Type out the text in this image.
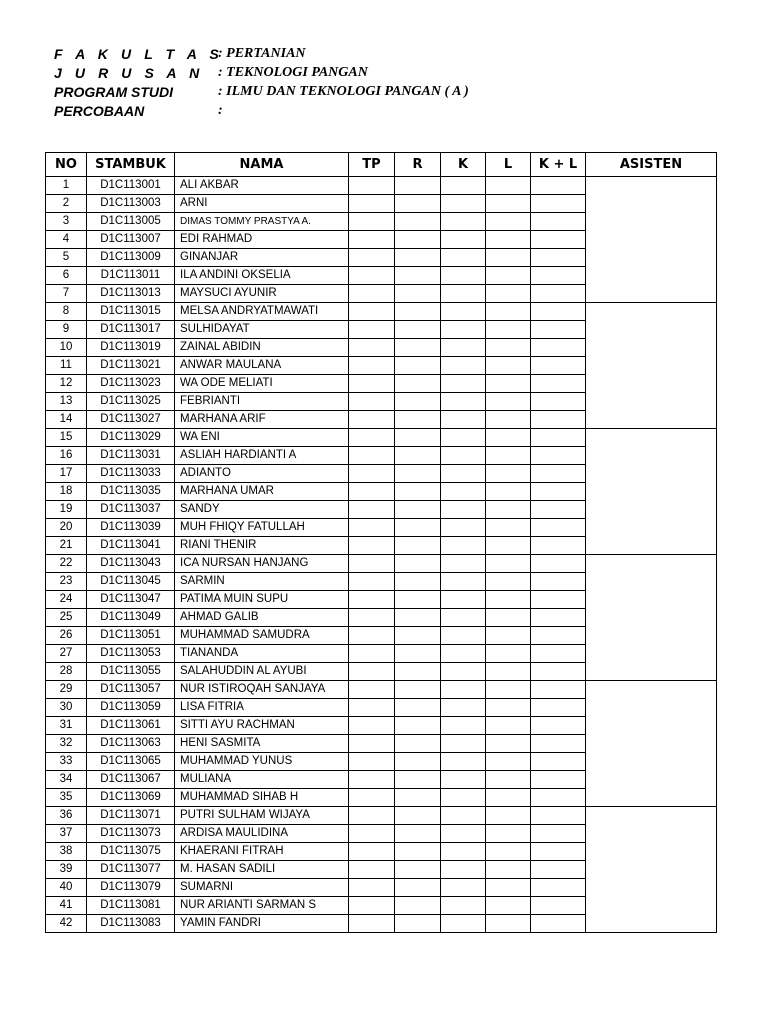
F A K U L T A S
: PERTANIAN
J U R U S A N	: TEKNOLOGI PANGAN
PROGRAM STUDI	: ILMU DAN TEKNOLOGI PANGAN ( A )
PERCOBAAN	:
NO	STAMBUK	NAMA	TP	R	K	L	K + L	ASISTEN
1	D1C113001	ALI AKBAR						
2	D1C113003	ARNI						
3	D1C113005	DIMAS TOMMY PRASTYA A.						
4	D1C113007	EDI RAHMAD						
5	D1C113009	GINANJAR						
6	D1C113011	ILA ANDINI OKSELIA						
7	D1C113013	MAYSUCI AYUNIR						
8	D1C113015	MELSA ANDRYATMAWATI						
9	D1C113017	SULHIDAYAT						
10	D1C113019	ZAINAL ABIDIN						
11	D1C113021	ANWAR MAULANA						
12	D1C113023	WA ODE MELIATI						
13	D1C113025	FEBRIANTI						
14	D1C113027	MARHANA ARIF						
15	D1C113029	WA ENI						
16	D1C113031	ASLIAH HARDIANTI A						
17	D1C113033	ADIANTO						
18	D1C113035	MARHANA UMAR						
19	D1C113037	SANDY						
20	D1C113039	MUH FHIQY FATULLAH						
21	D1C113041	RIANI THENIR						
22	D1C113043	ICA NURSAN HANJANG						
23	D1C113045	SARMIN						
24	D1C113047	PATIMA MUIN SUPU						
25	D1C113049	AHMAD GALIB						
26	D1C113051	MUHAMMAD SAMUDRA						
27	D1C113053	TIANANDA						
28	D1C113055	SALAHUDDIN AL AYUBI						
29	D1C113057	NUR ISTIROQAH SANJAYA						
30	D1C113059	LISA FITRIA						
31	D1C113061	SITTI AYU RACHMAN						
32	D1C113063	HENI SASMITA						
33	D1C113065	MUHAMMAD YUNUS						
34	D1C113067	MULIANA						
35	D1C113069	MUHAMMAD SIHAB H						
36	D1C113071	PUTRI SULHAM WIJAYA						
37	D1C113073	ARDISA MAULIDINA						
38	D1C113075	KHAERANI FITRAH						
39	D1C113077	M. HASAN SADILI						
40	D1C113079	SUMARNI						
41	D1C113081	NUR ARIANTI SARMAN S						
42	D1C113083	YAMIN FANDRI						
